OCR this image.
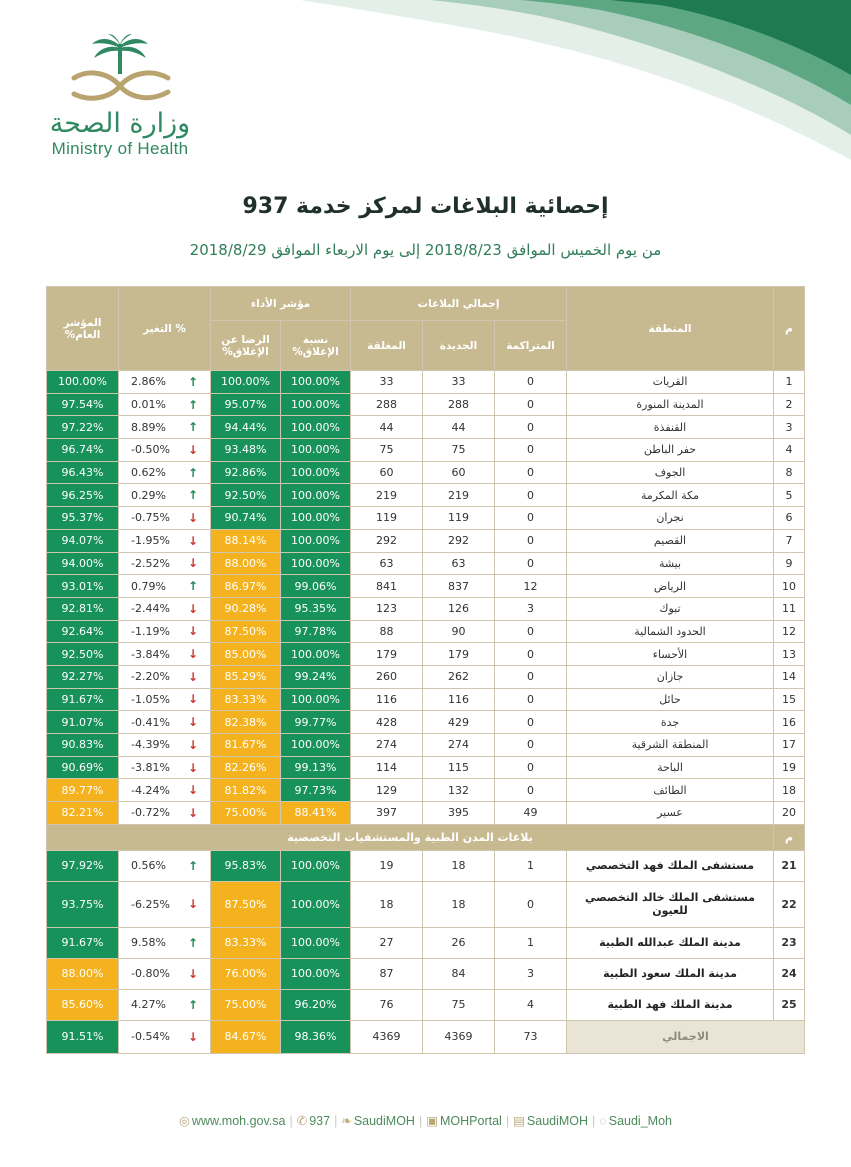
وزارة الصحة
Ministry of Health
إحصائية البلاغات لمركز خدمة 937
من يوم الخميس الموافق 2018/8/23 إلى يوم الاربعاء الموافق 2018/8/29
م	المنطقة	إجمالي البلاغات			مؤشر الأداء		% التغير	المؤشر العام%
		المتراكمة	الجديدة	المغلقة	نسبة الإغلاق%	الرضا عن الإغلاق%		
1	القريات	0	33	33	100.00%	100.00%	2.86% ↑	100.00%
2	المدينة المنورة	0	288	288	100.00%	95.07%	0.01% ↑	97.54%
3	القنفذة	0	44	44	100.00%	94.44%	8.89% ↑	97.22%
4	حفر الباطن	0	75	75	100.00%	93.48%	-0.50% ↓	96.74%
8	الجوف	0	60	60	100.00%	92.86%	0.62% ↑	96.43%
5	مكة المكرمة	0	219	219	100.00%	92.50%	0.29% ↑	96.25%
6	نجران	0	119	119	100.00%	90.74%	-0.75% ↓	95.37%
7	القصيم	0	292	292	100.00%	88.14%	-1.95% ↓	94.07%
9	بيشة	0	63	63	100.00%	88.00%	-2.52% ↓	94.00%
10	الرياض	12	837	841	99.06%	86.97%	0.79% ↑	93.01%
11	تبوك	3	126	123	95.35%	90.28%	-2.44% ↓	92.81%
12	الحدود الشمالية	0	90	88	97.78%	87.50%	-1.19% ↓	92.64%
13	الأحساء	0	179	179	100.00%	85.00%	-3.84% ↓	92.50%
14	جازان	0	262	260	99.24%	85.29%	-2.20% ↓	92.27%
15	حائل	0	116	116	100.00%	83.33%	-1.05% ↓	91.67%
16	جدة	0	429	428	99.77%	82.38%	-0.41% ↓	91.07%
17	المنطقة الشرقية	0	274	274	100.00%	81.67%	-4.39% ↓	90.83%
19	الباحة	0	115	114	99.13%	82.26%	-3.81% ↓	90.69%
18	الطائف	0	132	129	97.73%	81.82%	-4.24% ↓	89.77%
20	عسير	49	395	397	88.41%	75.00%	-0.72% ↓	82.21%
م	بلاغات المدن الطبية والمستشفيات التخصصية							
21	مستشفى الملك فهد التخصصي	1	18	19	100.00%	95.83%	0.56% ↑	97.92%
22	مستشفى الملك خالد التخصصي للعيون	0	18	18	100.00%	87.50%	-6.25% ↓	93.75%
23	مدينة الملك عبدالله الطبية	1	26	27	100.00%	83.33%	9.58% ↑	91.67%
24	مدينة الملك سعود الطبية	3	84	87	100.00%	76.00%	-0.80% ↓	88.00%
25	مدينة الملك فهد الطبية	4	75	76	96.20%	75.00%	4.27% ↑	85.60%
الاجمالي		73	4369	4369	98.36%	84.67%	-0.54% ↓	91.51%
◎ www.moh.gov.sa | ✆ 937 | ❧ SaudiMOH | ▣ MOHPortal | ▤ SaudiMOH | ◌ Saudi_Moh
